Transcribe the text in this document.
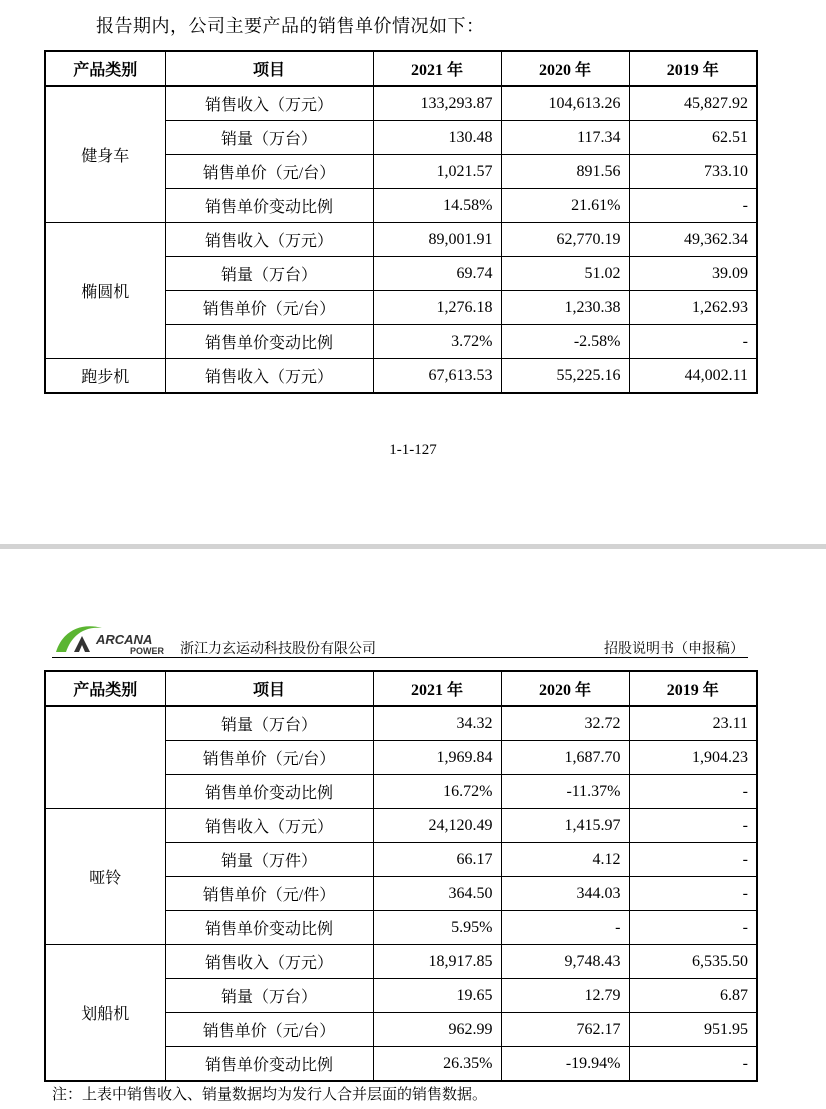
报告期内，公司主要产品的销售单价情况如下：
产品类别	项目	2021 年	2020 年	2019 年
健身车	销售收入（万元）	133,293.87	104,613.26	45,827.92
	销量（万台）	130.48	117.34	62.51
	销售单价（元/台）	1,021.57	891.56	733.10
	销售单价变动比例	14.58%	21.61%	-
椭圆机	销售收入（万元）	89,001.91	62,770.19	49,362.34
	销量（万台）	69.74	51.02	39.09
	销售单价（元/台）	1,276.18	1,230.38	1,262.93
	销售单价变动比例	3.72%	-2.58%	-
跑步机	销售收入（万元）	67,613.53	55,225.16	44,002.11
1-1-127
ARCANA
POWER 浙江力玄运动科技股份有限公司	招股说明书（申报稿）
产品类别	项目	2021 年	2020 年	2019 年
	销量（万台）	34.32	32.72	23.11
	销售单价（元/台）	1,969.84	1,687.70	1,904.23
	销售单价变动比例	16.72%	-11.37%	-
哑铃	销售收入（万元）	24,120.49	1,415.97	-
	销量（万件）	66.17	4.12	-
	销售单价（元/件）	364.50	344.03	-
	销售单价变动比例	5.95%	-	-
划船机	销售收入（万元）	18,917.85	9,748.43	6,535.50
	销量（万台）	19.65	12.79	6.87
	销售单价（元/台）	962.99	762.17	951.95
	销售单价变动比例	26.35%	-19.94%	-
注：上表中销售收入、销量数据均为发行人合并层面的销售数据。
